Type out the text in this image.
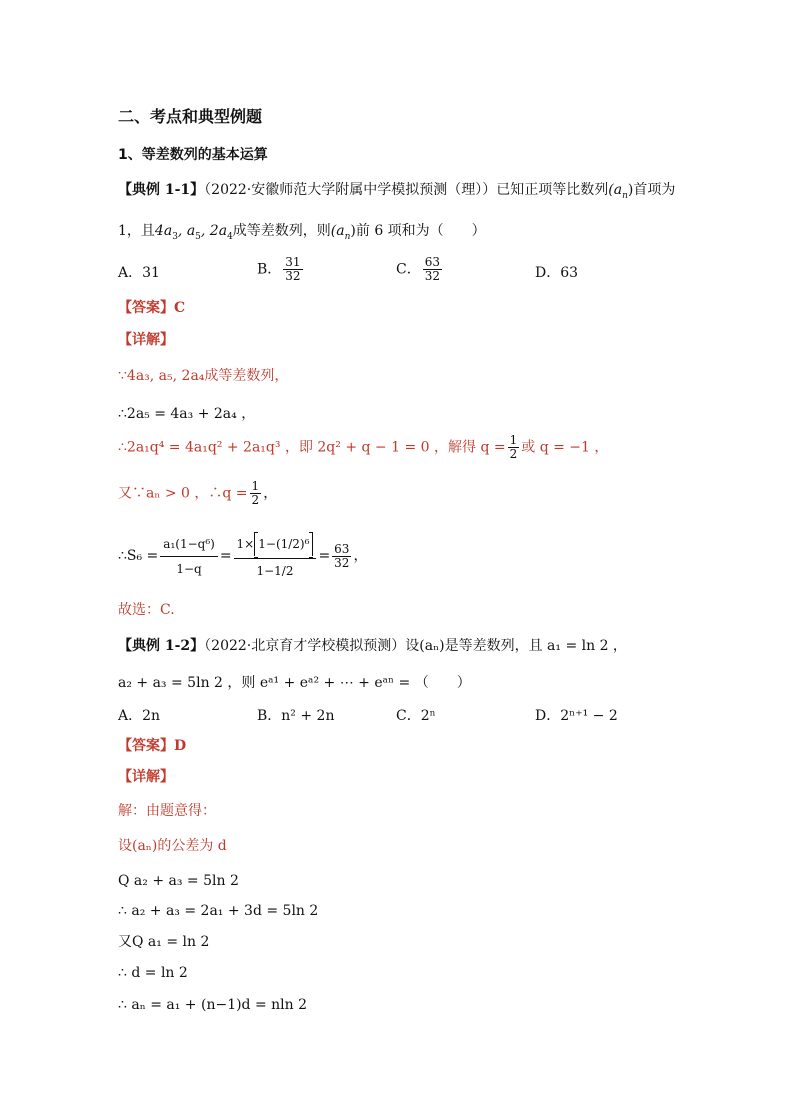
二、考点和典型例题
1、等差数列的基本运算
【典例 1-1】（2022·安徽师范大学附属中学模拟预测（理））已知正项等比数列$(a_n)$首项为
1，且$4a_3$, $a_5$, $2a_4$成等差数列，则$(a_n)$前 6 项和为（　　）
A．31	B． $\frac{31}{32}$	C． $\frac{63}{32}$	D．63
【答案】C
【详解】
∵4a₃, a₅, 2a₄成等差数列，
∴2a₅ = 4a₃ + 2a₄ ，
∴2a₁q⁴ = 4a₁q² + 2a₁q³ ，即 2q² + q − 1 = 0 ，解得 $q = \frac{1}{2}$ 或 q = −1 ，
又∵aₙ > 0 ，∴q = $\frac{1}{2}$ ，
∴S₆ = $\frac{\text{a₁(1−q⁶)}}{1-q} = \frac{\text{1× 1−(1/2)⁶}}{1-1/2} = \frac{63}{32}$ ，
故选：C.
【典例 1-2】（2022·北京育才学校模拟预测）设(aₙ)是等差数列，且 a₁ = ln 2 ，
a₂ + a₃ = 5ln 2 ，则 eᵃ¹ + eᵃ² + ⋯ + eᵃⁿ = （　　）
A．2n	B．n² + 2n	C．2ⁿ	D．2ⁿ⁺¹ − 2
【答案】D
【详解】
解：由题意得：
设(aₙ)的公差为 d
Q a₂ + a₃ = 5ln 2
∴ a₂ + a₃ = 2a₁ + 3d = 5ln 2
又Q a₁ = ln 2
∴ d = ln 2
∴ aₙ = a₁ + (n−1)d = nln 2
